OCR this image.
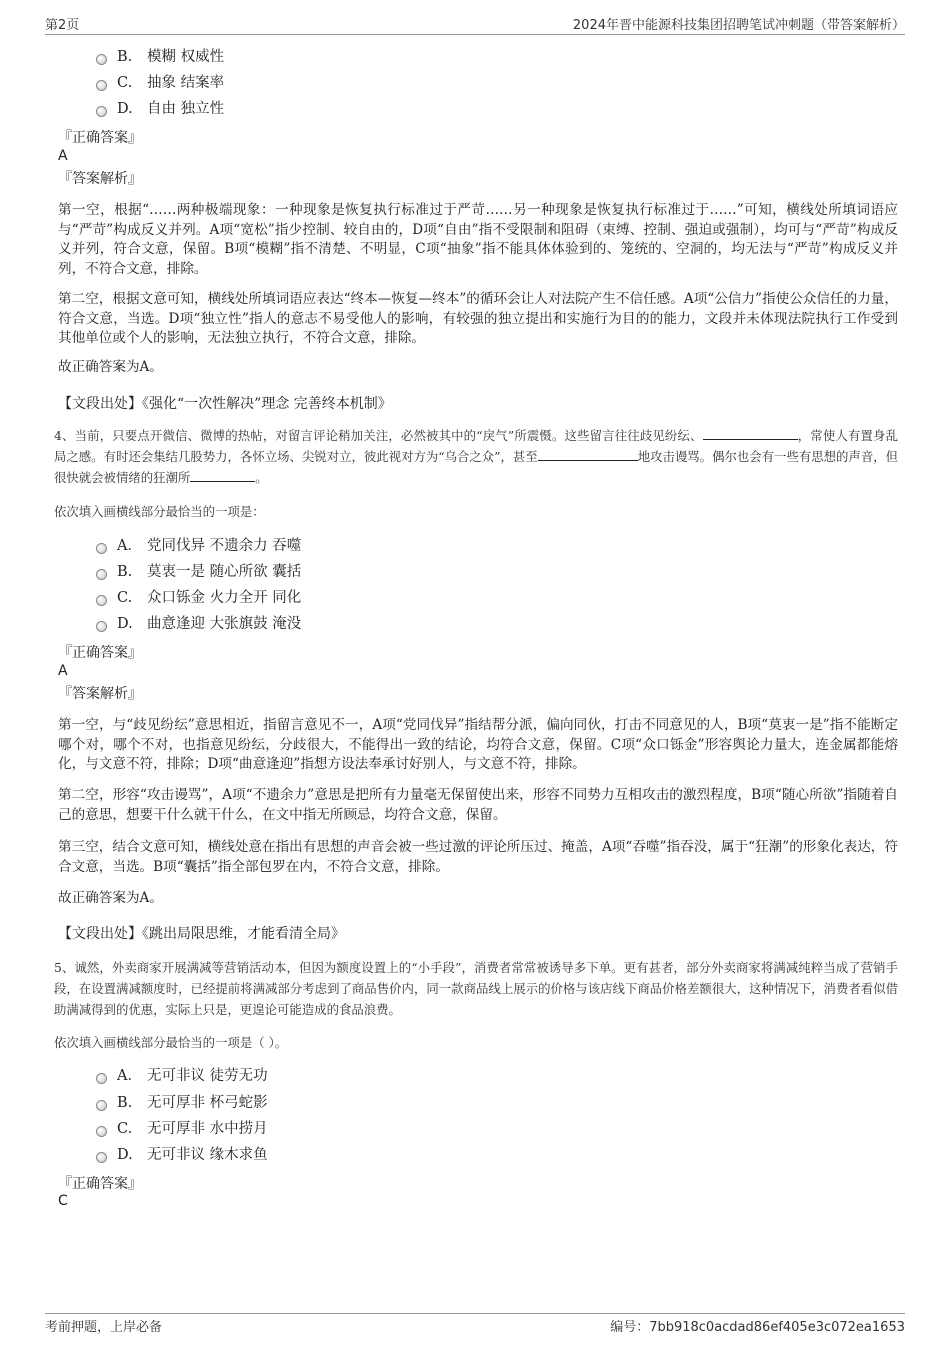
第2页	2024年晋中能源科技集团招聘笔试冲刺题（带答案解析）
B.	模糊 权威性
C.	抽象 结案率
D. 自由 独立性
『正确答案』
A
『答案解析』
第一空，根据“……两种极端现象：一种现象是恢复执行标准过于严苛……另一种现象是恢复执行标准过于……”可知，横线处所填词语应与“严苛”构成反义并列。A项“宽松”指少控制、较自由的，D项“自由”指不受限制和阻碍（束缚、控制、强迫或强制），均可与“严苛”构成反义并列，符合文意，保留。B项“模糊”指不清楚、不明显，C项“抽象”指不能具体体验到的、笼统的、空洞的，均无法与“严苛”构成反义并列，不符合文意，排除。
第二空，根据文意可知，横线处所填词语应表达“终本—恢复—终本”的循环会让人对法院产生不信任感。A项“公信力”指使公众信任的力量，符合文意，当选。D项“独立性”指人的意志不易受他人的影响，有较强的独立提出和实施行为目的的能力，文段并未体现法院执行工作受到其他单位或个人的影响，无法独立执行，不符合文意，排除。
故正确答案为A。
【文段出处】《强化“一次性解决”理念 完善终本机制》
4、当前，只要点开微信、微博的热帖，对留言评论稍加关注，必然被其中的“戾气”所震慑。这些留言往往歧见纷纭、	，常使人有置身乱局之感。有时还会集结几股势力，各怀立场、尖锐对立，彼此视对方为“乌合之众”，甚至	地攻击谩骂。偶尔也会有一些有思想的声音，但很快就会被情绪的狂潮所	。
依次填入画横线部分最恰当的一项是：
A． 党同伐异 不遗余力 吞噬
B.	莫衷一是 随心所欲 囊括
C.	众口铄金 火力全开 同化
D. 曲意逢迎 大张旗鼓 淹没
『正确答案』
A
『答案解析』
第一空，与“歧见纷纭”意思相近，指留言意见不一，A项“党同伐异”指结帮分派，偏向同伙，打击不同意见的人，B项“莫衷一是”指不能断定哪个对，哪个不对，也指意见纷纭，分歧很大，不能得出一致的结论，均符合文意，保留。C项“众口铄金”形容舆论力量大，连金属都能熔化，与文意不符，排除；D项“曲意逢迎”指想方设法奉承讨好别人，与文意不符，排除。
第二空，形容“攻击谩骂”，A项“不遗余力”意思是把所有力量毫无保留使出来，形容不同势力互相攻击的激烈程度，B项“随心所欲”指随着自己的意思，想要干什么就干什么，在文中指无所顾忌，均符合文意，保留。
第三空，结合文意可知，横线处意在指出有思想的声音会被一些过激的评论所压过、掩盖，A项“吞噬”指吞没，属于“狂潮”的形象化表达，符合文意，当选。B项“囊括”指全部包罗在内，不符合文意，排除。
故正确答案为A。
【文段出处】《跳出局限思维，才能看清全局》
5、诚然，外卖商家开展满减等营销活动本，但因为额度设置上的“小手段”，消费者常常被诱导多下单。更有甚者，部分外卖商家将满减纯粹当成了营销手段，在设置满减额度时，已经提前将满减部分考虑到了商品售价内，同一款商品线上展示的价格与该店线下商品价格差额很大，这种情况下，消费者看似借助满减得到的优惠，实际上只是，更遑论可能造成的食品浪费。
依次填入画横线部分最恰当的一项是（ ）。
A． 无可非议 徒劳无功
B.	无可厚非 杯弓蛇影
C.	无可厚非 水中捞月
D. 无可非议 缘木求鱼
『正确答案』
C
考前押题，上岸必备	编号：7bb918c0acdad86ef405e3c072ea1653
